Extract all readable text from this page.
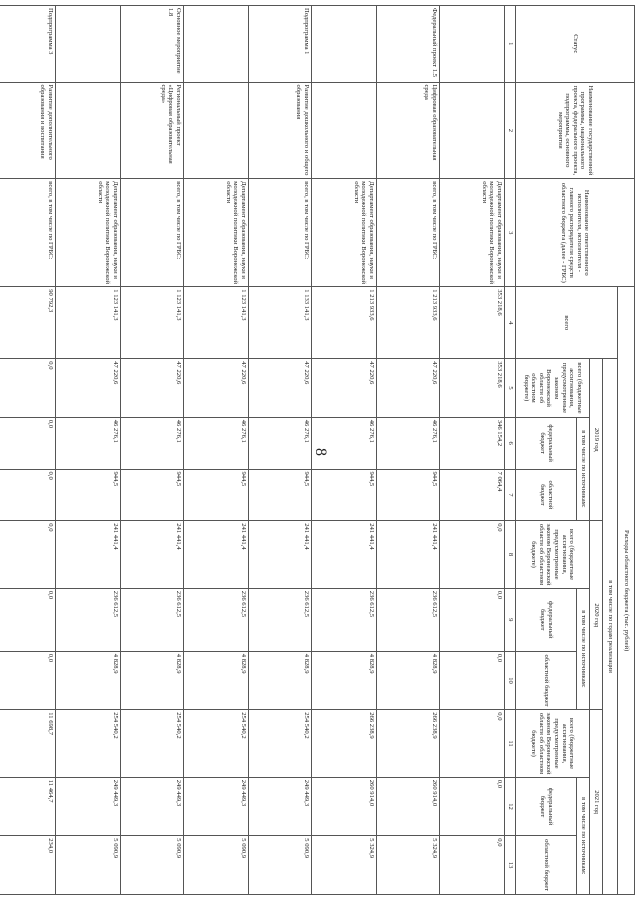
8
Статус	Наименование государственной программы, национального проекта, федерального проекта, подпрограммы, основного мероприятия	Наименование ответственного исполнителя, исполнителя - главного распорядителя средств областного бюджета (далее - ГРБС)	Расходы областного бюджета (тыс. рублей)									
			всего	в том числе по годам реализации								
				2019 год			2020 год			2021 год		
				всего (бюджетные ассигнования, предусмотренные законом Воронежской области об областном бюджете)	в том числе по источникам:		всего (бюджетные ассигнования, предусмотренные законом Воронежской области об областном бюджете)	в том числе по источникам:		всего (бюджетные ассигнования, предусмотренные законом Воронежской области об областном бюджете)	в том числе по источникам:	
					федеральный бюджет	областной бюджет		федеральный бюджет	областной бюджет		федеральный бюджет	областной бюджет
1	2	3	4	5	6	7	8	9	10	11	12	13
		Департамент образования, науки и молодежной политики Воронежской области	353 218,6	353 218,6	346 154,2	7 064,4	0,0	0,0	0,0	0,0	0,0	0,0
Федеральный проект 1.5	Цифровая образовательная среда	всего, в том числе по ГРБС:	1 213 933,6	47 220,6	46 276,1	944,5	241 441,4	236 612,5	4 828,9	266 238,9	260 914,0	5 324,9
		Департамент образования, науки и молодежной политики Воронежской области	1 213 933,6	47 220,6	46 276,1	944,5	241 441,4	236 612,5	4 828,9	266 238,9	260 914,0	5 324,9
Подпрограмма 1	Развитие дошкольного и общего образования	всего, в том числе по ГРБС:	1 133 141,3	47 220,6	46 276,1	944,5	241 441,4	236 612,5	4 828,9	254 540,2	249 449,3	5 090,9
		Департамент образования, науки и молодежной политики Воронежской области	1 123 141,3	47 220,6	46 276,1	944,5	241 441,4	236 612,5	4 828,9	254 540,2	249 449,3	5 090,9
Основное мероприятие 1.8	Региональный проект «Цифровая образовательная среда»	всего, в том числе по ГРБС:	1 123 141,3	47 220,6	46 276,1	944,5	241 441,4	236 612,5	4 828,9	254 540,2	249 449,3	5 090,9
		Департамент образования, науки и молодежной политики Воронежской области	1 123 141,3	47 220,6	46 276,1	944,5	241 441,4	236 612,5	4 828,9	254 540,2	249 449,3	5 090,9
Подпрограмма 3	Развитие дополнительного образования и воспитания	всего, в том числе по ГРБС:	90 792,3	0,0	0,0	0,0	0,0	0,0	0,0	11 698,7	11 464,7	234,0
